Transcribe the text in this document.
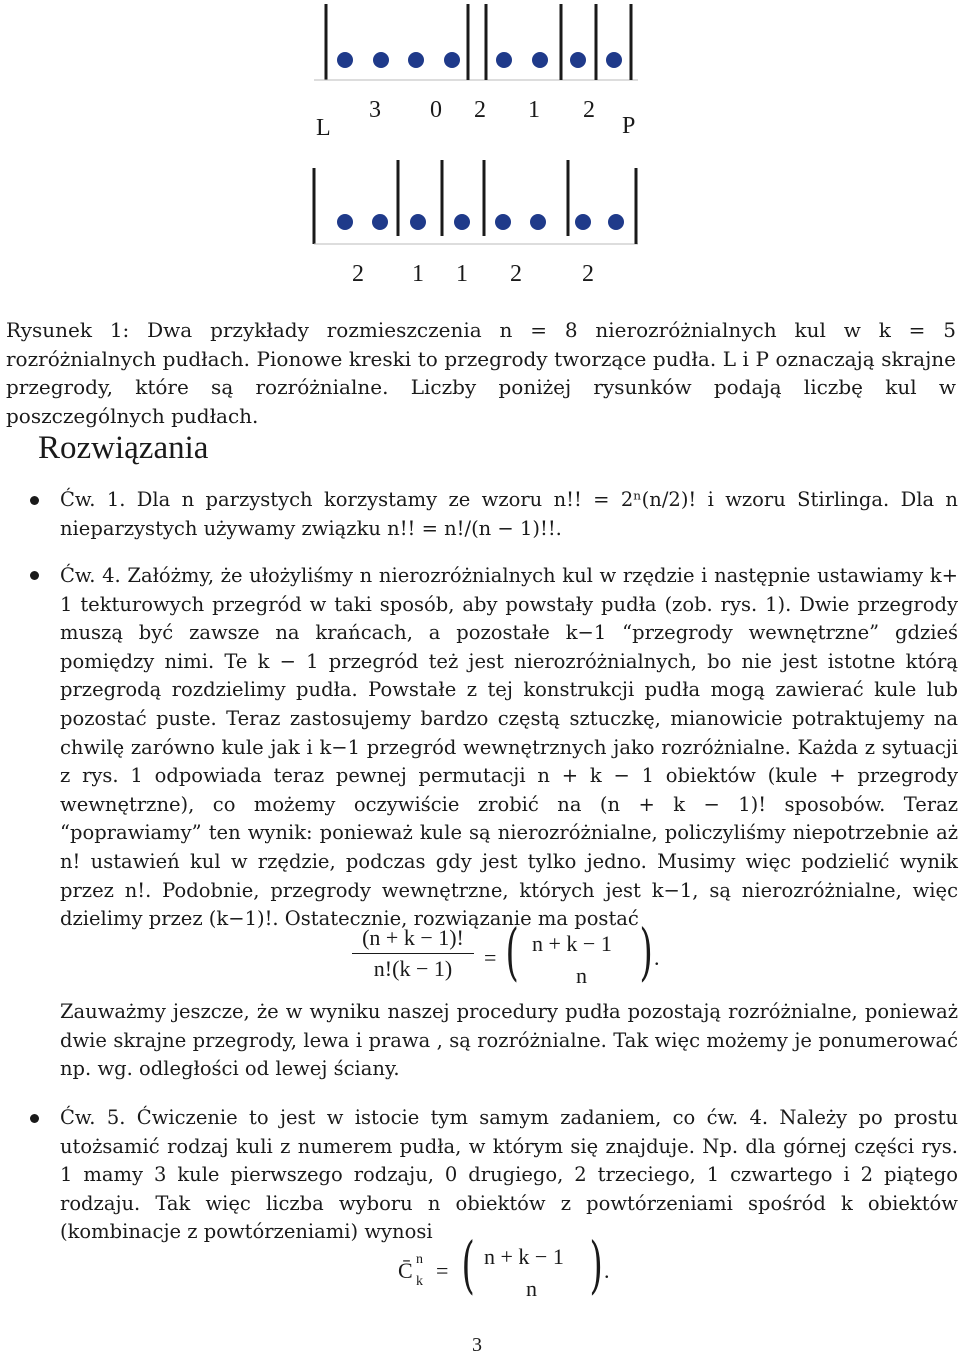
L	P
3 0 2 1 2
2 1 1 2	2
Rysunek 1: Dwa przykłady rozmieszczenia n = 8 nierozróżnialnych kul w k = 5 rozróżnialnych pudłach. Pionowe kreski to przegrody tworzące pudła. L i P oznaczają skrajne przegrody, które są rozróżnialne. Liczby poniżej rysunków podają liczbę kul w poszczególnych pudłach.
Rozwiązania
Ćw. 1. Dla n parzystych korzystamy ze wzoru n!! = 2ⁿ(n/2)! i wzoru Stirlinga. Dla n nieparzystych używamy związku n!! = n!/(n − 1)!!.
Ćw. 4. Załóżmy, że ułożyliśmy n nierozróżnialnych kul w rzędzie i następnie ustawiamy k+ 1 tekturowych przegród w taki sposób, aby powstały pudła (zob. rys. 1). Dwie przegrody muszą być zawsze na krańcach, a pozostałe k−1 “przegrody wewnętrzne” gdzieś pomiędzy nimi. Te k − 1 przegród też jest nierozróżnialnych, bo nie jest istotne którą przegrodą rozdzielimy pudła. Powstałe z tej konstrukcji pudła mogą zawierać kule lub pozostać puste. Teraz zastosujemy bardzo częstą sztuczkę, mianowicie potraktujemy na chwilę zarówno kule jak i k−1 przegród wewnętrznych jako rozróżnialne. Każda z sytuacji z rys. 1 odpowiada teraz pewnej permutacji n + k − 1 obiektów (kule + przegrody wewnętrzne), co możemy oczywiście zrobić na (n + k − 1)! sposobów. Teraz “poprawiamy” ten wynik: ponieważ kule są nierozróżnialne, policzyliśmy niepotrzebnie aż n! ustawień kul w rzędzie, podczas gdy jest tylko jedno. Musimy więc podzielić wynik przez n!. Podobnie, przegrody wewnętrzne, których jest k−1, są nierozróżnialne, więc dzielimy przez (k−1)!. Ostatecznie, rozwiązanie ma postać
(n + k − 1)!
n!(k − 1)	= ( n + k − 1
n ) .
Zauważmy jeszcze, że w wyniku naszej procedury pudła pozostają rozróżnialne, ponieważ dwie skrajne przegrody, lewa i prawa , są rozróżnialne. Tak więc możemy je ponumerować np. wg. odległości od lewej ściany.
Ćw. 5. Ćwiczenie to jest w istocie tym samym zadaniem, co ćw. 4. Należy po prostu utożsamić rodzaj kuli z numerem pudła, w którym się znajduje. Np. dla górnej części rys. 1 mamy 3 kule pierwszego rodzaju, 0 drugiego, 2 trzeciego, 1 czwartego i 2 piątego rodzaju. Tak więc liczba wyboru n obiektów z powtórzeniami spośród k obiektów (kombinacje z powtórzeniami) wynosi
C̄ n
k = ( n + k − 1
n ) .
3
